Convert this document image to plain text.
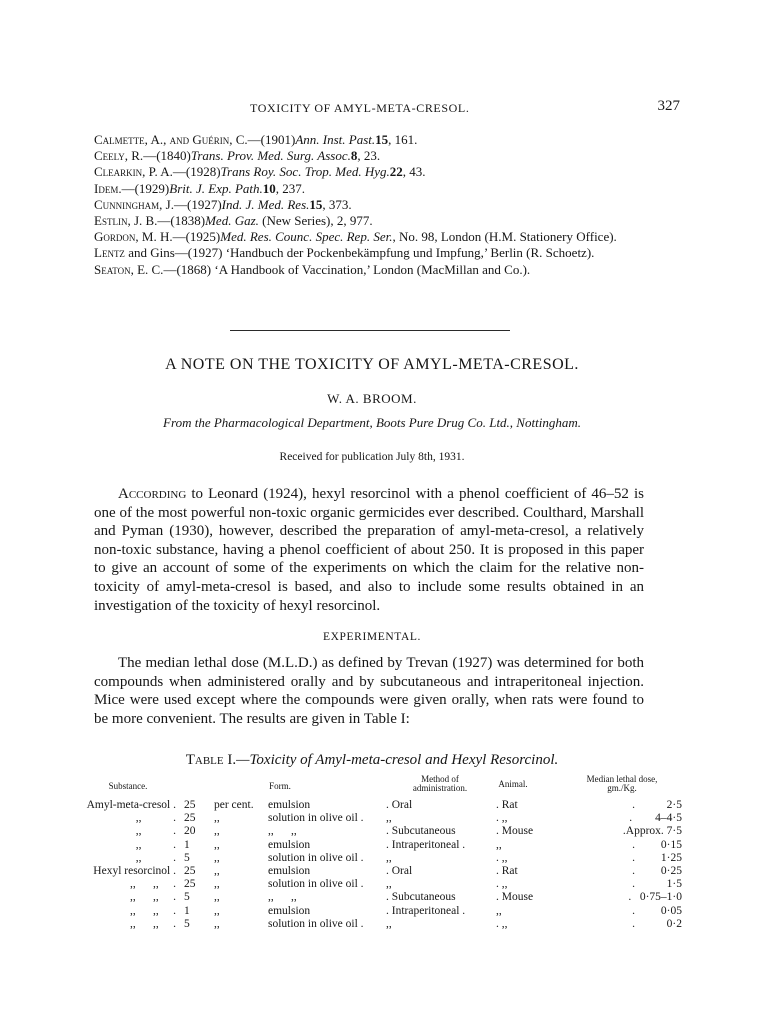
TOXICITY OF AMYL-META-CRESOL.	327

Calmette, A., and Guérin, C.—(1901)Ann. Inst. Past.15, 161.

Ceely, R.—(1840)Trans. Prov. Med. Surg. Assoc.8, 23.

Clearkin, P. A.—(1928)Trans Roy. Soc. Trop. Med. Hyg.22, 43.

Idem.—(1929)Brit. J. Exp. Path.10, 237.

Cunningham, J.—(1927)Ind. J. Med. Res.15, 373.

Estlin, J. B.—(1838)Med. Gaz. (New Series), 2, 977.

Gordon, M. H.—(1925)Med. Res. Counc. Spec. Rep. Ser., No. 98, London (H.M. Stationery Office).

Lentz and Gins—(1927) ‘Handbuch der Pockenbekämpfung und Impfung,’ Berlin (R. Schoetz).

Seaton, E. C.—(1868) ‘A Handbook of Vaccination,’ London (MacMillan and Co.).

A NOTE ON THE TOXICITY OF AMYL-META-CRESOL.
W. A. BROOM.
From the Pharmacological Department, Boots Pure Drug Co. Ltd., Nottingham.
Received for publication July 8th, 1931.

According to Leonard (1924), hexyl resorcinol with a phenol coefficient of 46–52 is one of the most powerful non-toxic organic germicides ever described. Coulthard, Marshall and Pyman (1930), however, described the preparation of amyl-meta-cresol, a relatively non-toxic substance, having a phenol coefficient of about 250. It is proposed in this paper to give an account of some of the experiments on which the claim for the relative non-toxicity of amyl-meta-cresol is based, and also to include some results obtained in an investigation of the toxicity of hexyl resorcinol.

EXPERIMENTAL.

The median lethal dose (M.L.D.) as defined by Trevan (1927) was determined for both compounds when administered orally and by subcutaneous and intraperitoneal injection. Mice were used except where the compounds were given orally, when rats were found to be more convenient. The results are given in Table I:

Table I.—Toxicity of Amyl-meta-cresol and Hexyl Resorcinol.
Substance.	Form.
Method of
administration.	Animal.	Median lethal dose,
gm./Kg.
Amyl-meta-cresol . 25	per cent.	emulsion	. Oral	. Rat	.           2·5
,,           . 25	,,	solution in olive oil .	,,	. ,,	.        4–4·5
,,           . 20	,,	,,      ,,	. Subcutaneous	. Mouse	.Approx. 7·5
,,           . 1	,,	emulsion	. Intraperitoneal .	,,	.         0·15
,,           . 5	,,	solution in olive oil .	,,	. ,,	.         1·25
Hexyl resorcinol . 25	,,	emulsion	. Oral	. Rat	.         0·25
,,      ,,     . 25	,,	solution in olive oil .	,,	. ,,	.           1·5
,,      ,,     . 5	,,	,,      ,,	. Subcutaneous	. Mouse	.   0·75–1·0
,,      ,,     . 1	,,	emulsion	. Intraperitoneal .	,,	.         0·05
,,      ,,     . 5	,,	solution in olive oil .	,,	. ,,	.           0·2
